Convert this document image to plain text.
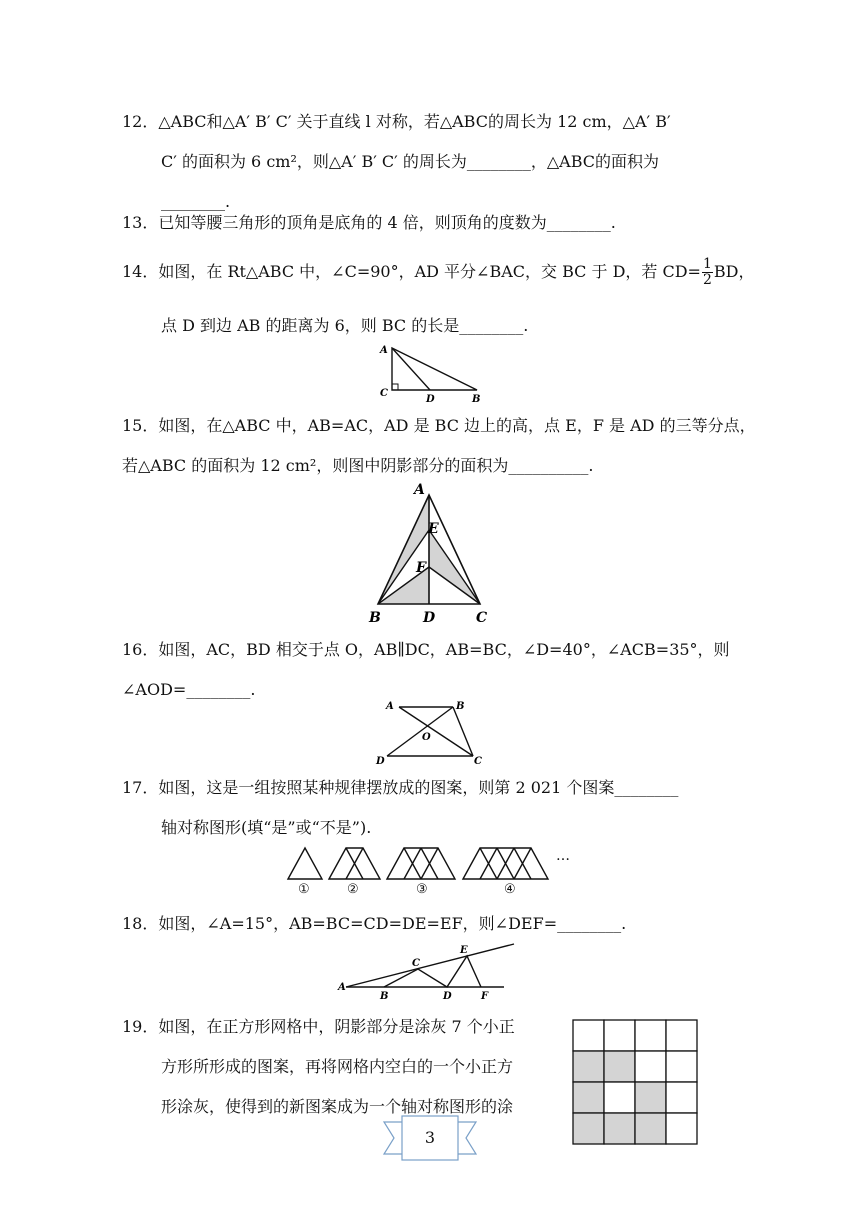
12．△ABC和△A′ B′ C′ 关于直线 l 对称，若△ABC的周长为 12 cm，△A′ B′
C′ 的面积为 6 cm²，则△A′ B′ C′ 的周长为________，△ABC的面积为
________.
13．已知等腰三角形的顶角是底角的 4 倍，则顶角的度数为________.
14．如图，在 Rt△ABC 中，∠C=90°，AD 平分∠BAC，交 BC 于 D，若 $CD= \frac{1}{2}$ BD，
点 D 到边 AB 的距离为 6，则 BC 的长是________.
A
C
D	B
15．如图，在△ABC 中，AB=AC，AD 是 BC 边上的高，点 E，F 是 AD 的三等分点，
若△ABC 的面积为 12 cm²，则图中阴影部分的面积为__________.
A
E
F
B	D	C
16．如图，AC，BD 相交于点 O，AB∥DC，AB=BC，∠D=40°，∠ACB=35°，则
∠AOD=________.
A	B
O
D	C
17．如图，这是一组按照某种规律摆放成的图案，则第 2 021 个图案________
轴对称图形(填“是”或“不是”).
…
①	②	③	④
18．如图，∠A=15°，AB=BC=CD=DE=EF，则∠DEF=________.
A
B
C
D
E
F
19．如图，在正方形网格中，阴影部分是涂灰 7 个小正
方形所形成的图案，再将网格内空白的一个小正方
形涂灰，使得到的新图案成为一个轴对称图形的涂
3
